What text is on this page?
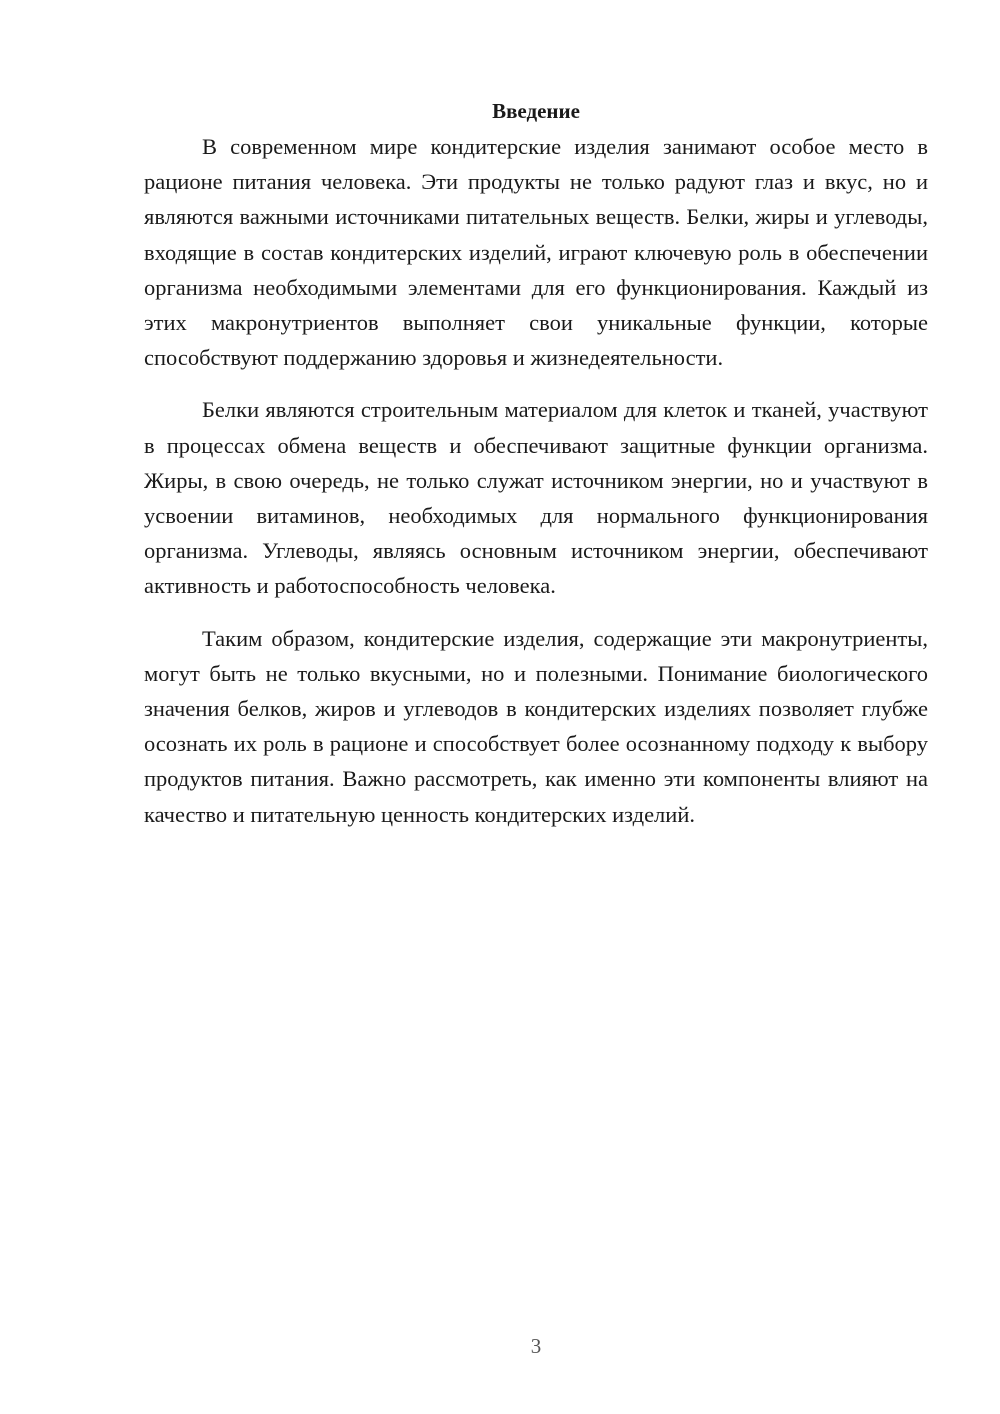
Введение

В современном мире кондитерские изделия занимают особое место в рационе питания человека. Эти продукты не только радуют глаз и вкус, но и являются важными источниками питательных веществ. Белки, жиры и углеводы, входящие в состав кондитерских изделий, играют ключевую роль в обеспечении организма необходимыми элементами для его функционирования. Каждый из этих макронутриентов выполняет свои уникальные функции, которые способствуют поддержанию здоровья и жизнедеятельности.

Белки являются строительным материалом для клеток и тканей, участвуют в процессах обмена веществ и обеспечивают защитные функции организма. Жиры, в свою очередь, не только служат источником энергии, но и участвуют в усвоении витаминов, необходимых для нормального функционирования организма. Углеводы, являясь основным источником энергии, обеспечивают активность и работоспособность человека.

Таким образом, кондитерские изделия, содержащие эти макронутриенты, могут быть не только вкусными, но и полезными. Понимание биологического значения белков, жиров и углеводов в кондитерских изделиях позволяет глубже осознать их роль в рационе и способствует более осознанному подходу к выбору продуктов питания. Важно рассмотреть, как именно эти компоненты влияют на качество и питательную ценность кондитерских изделий.

3
